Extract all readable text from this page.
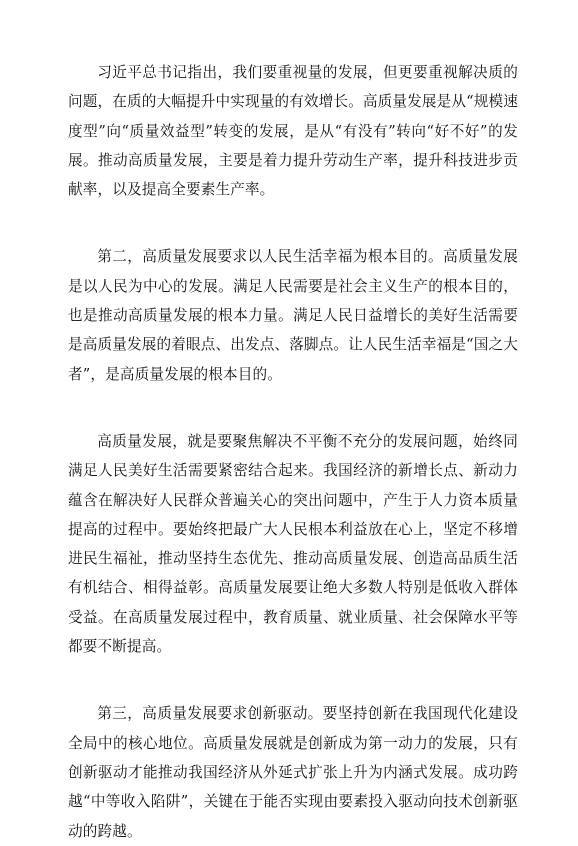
习近平总书记指出，我们要重视量的发展，但更要重视解决质的问题，在质的大幅提升中实现量的有效增长。高质量发展是从“规模速度型”向“质量效益型”转变的发展，是从“有没有”转向“好不好”的发展。推动高质量发展，主要是着力提升劳动生产率，提升科技进步贡献率，以及提高全要素生产率。

第二，高质量发展要求以人民生活幸福为根本目的。高质量发展是以人民为中心的发展。满足人民需要是社会主义生产的根本目的，也是推动高质量发展的根本力量。满足人民日益增长的美好生活需要是高质量发展的着眼点、出发点、落脚点。让人民生活幸福是“国之大者”，是高质量发展的根本目的。

高质量发展，就是要聚焦解决不平衡不充分的发展问题，始终同满足人民美好生活需要紧密结合起来。我国经济的新增长点、新动力蕴含在解决好人民群众普遍关心的突出问题中，产生于人力资本质量提高的过程中。要始终把最广大人民根本利益放在心上，坚定不移增进民生福祉，推动坚持生态优先、推动高质量发展、创造高品质生活有机结合、相得益彰。高质量发展要让绝大多数人特别是低收入群体受益。在高质量发展过程中，教育质量、就业质量、社会保障水平等都要不断提高。

第三，高质量发展要求创新驱动。要坚持创新在我国现代化建设全局中的核心地位。高质量发展就是创新成为第一动力的发展，只有创新驱动才能推动我国经济从外延式扩张上升为内涵式发展。成功跨越“中等收入陷阱”，关键在于能否实现由要素投入驱动向技术创新驱动的跨越。
